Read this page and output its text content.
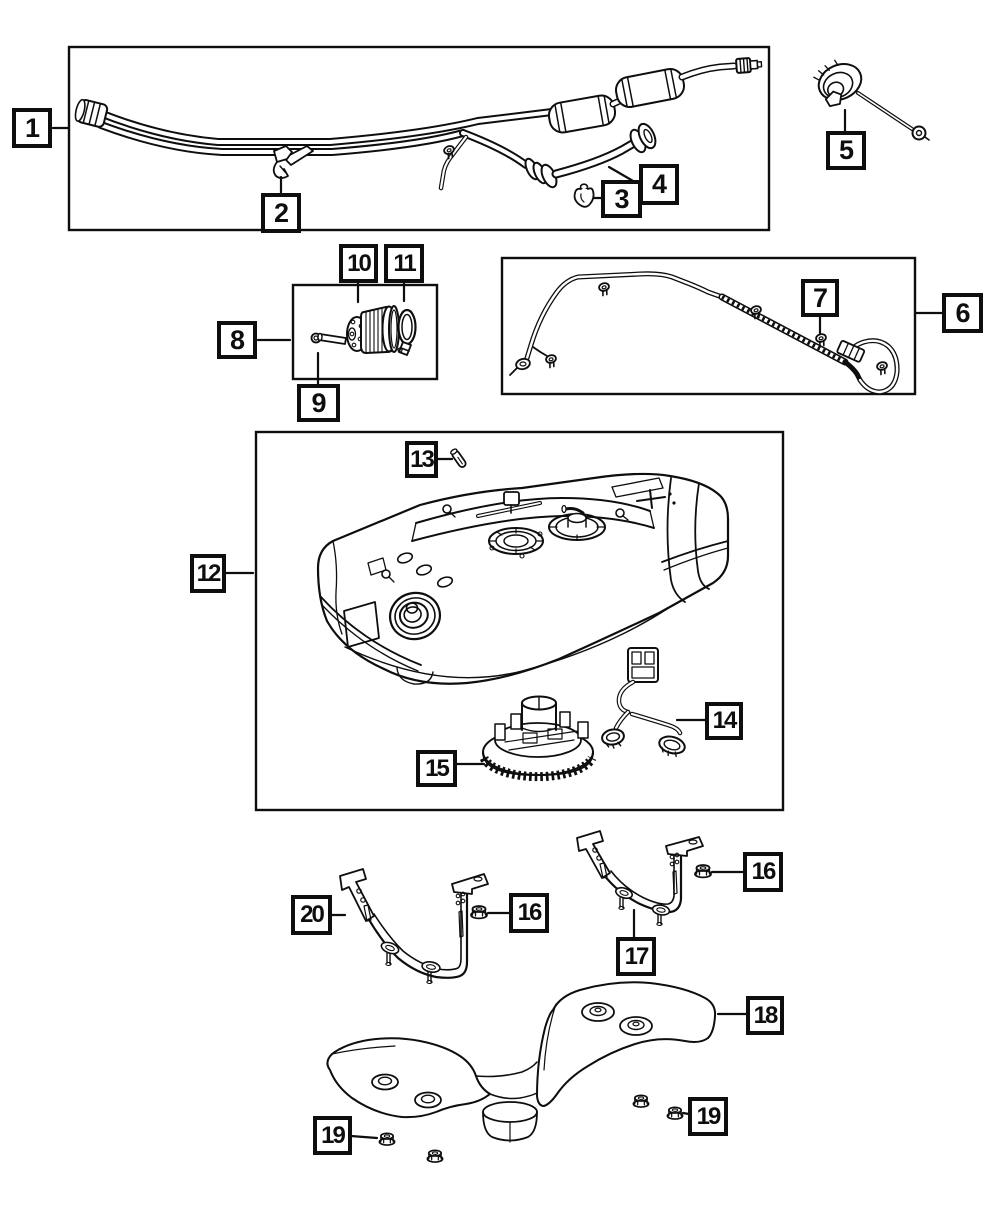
1
2
4
3
5
6
7
8
9
10 11
12
13
14
15
16
16
17
18
19
19
20
